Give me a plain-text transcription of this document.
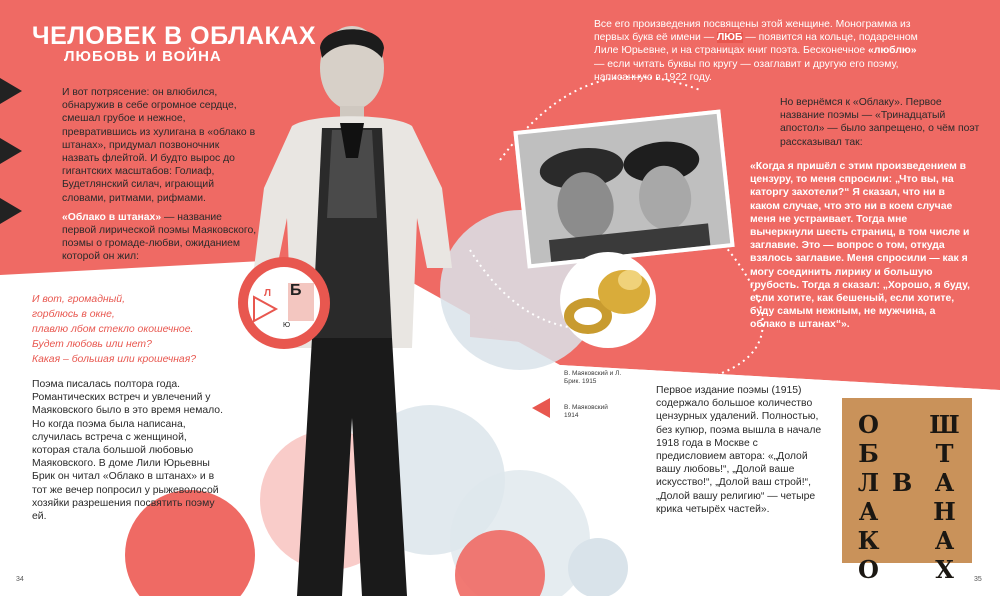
ЧЕЛОВЕК В ОБЛАКАХ
ЛЮБОВЬ И ВОЙНА

И вот потрясение: он влюбился, обнаружив в себе огромное сердце, смешал грубое и нежное, превратившись из хулигана в «облако в штанах», придумал позвоночник назвать флейтой. И будто вырос до гигантских масштабов: Голиаф, Будетлянский силач, играющий словами, ритмами, рифмами.

«Облако в штанах» — название первой лирической поэмы Маяковского, поэмы о громаде-любви, ожиданием которой он жил:

И вот, громадный,
горблюсь в окне,
плавлю лбом стекло окошечное.
Будет любовь или нет?
Какая – большая или крошечная?
Поэма писалась полтора года. Романтических встреч и увлечений у Маяковского было в это время немало. Но когда поэма была написана, случилась встреча с женщиной, которая стала большой любовью Маяковского. В доме Лили Юрьевны Брик он читал «Облако в штанах» и в тот же вечер попросил у рыжеволосой хозяйки разрешения посвятить поэму ей.
Л Б
Ю
Все его произведения посвящены этой женщине. Монограмма из первых букв её имени — ЛЮБ — появится на кольце, подаренном Лиле Юрьевне, и на страницах книг поэта. Бесконечное «люблю» — если читать буквы по кругу — озаглавит и другую его поэму, написанную в 1922 году.
Но вернёмся к «Облаку». Первое название поэмы — «Тринадцатый апостол» — было запрещено, о чём поэт рассказывал так:
«Когда я пришёл с этим произведением в цензуру, то меня спросили: „Что вы, на каторгу захотели?“ Я сказал, что ни в каком случае, что это ни в коем случае меня не устраивает. Тогда мне вычеркнули шесть страниц, в том числе и заглавие. Это — вопрос о том, откуда взялось заглавие. Меня спросили — как я могу соединить лирику и большую грубость. Тогда я сказал: „Хорошо, я буду, если хотите, как бешеный, если хотите, буду самым нежным, не мужчина, а облако в штанах“».
В. Маяковский и Л. Брик. 1915
В. Маяковский 1914
Первое издание поэмы (1915) содержало большое количество цензурных удалений. Полностью, без купюр, поэма вышла в начале 1918 года в Москве с предисловием автора: «„Долой вашу любовь!“, „Долой ваше искусство!“, „Долой ваш строй!“, „Долой вашу религию“ — четыре крика четырёх частей».	ОБЛАКО В ШТАНАХ
34	35
